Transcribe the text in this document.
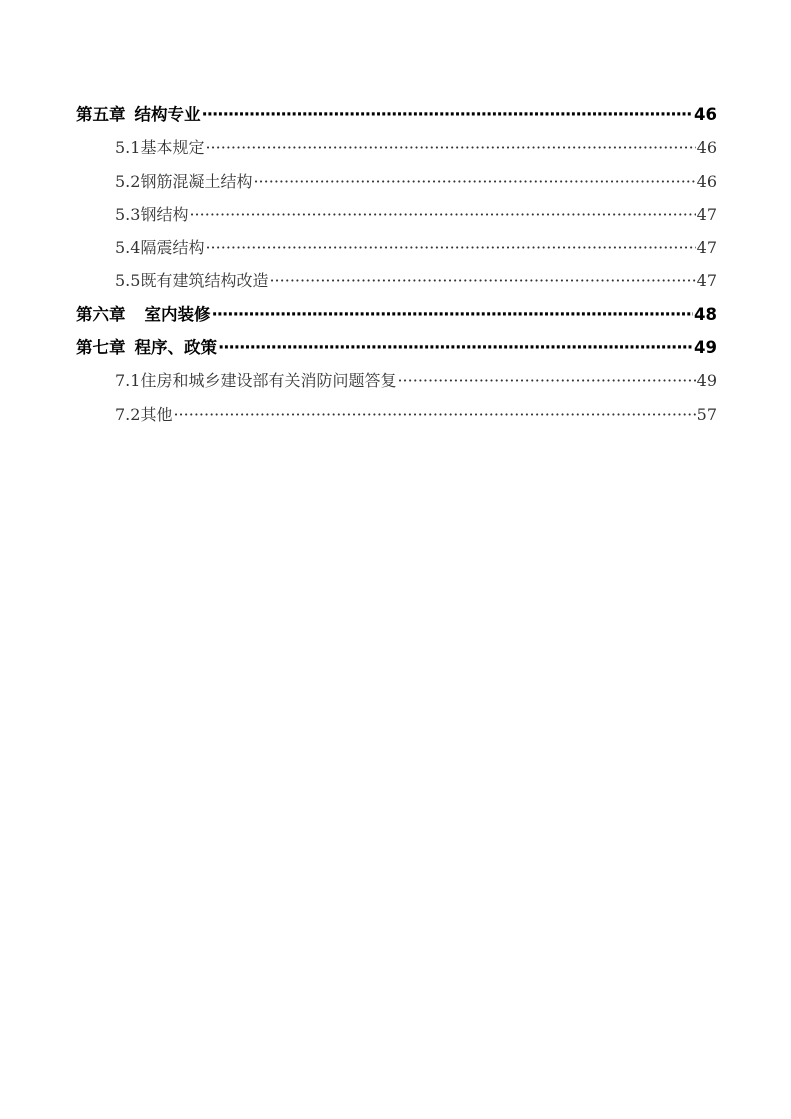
第五章 结构专业 ·····	46
5.1 基本规定 ·····	46
5.2 钢筋混凝土结构 ·····	46
5.3 钢结构 ·····	47
5.4 隔震结构 ·····	47
5.5 既有建筑结构改造 ·····	47
第六章 室内装修 ·····	48
第七章 程序、政策 ·····	49
7.1 住房和城乡建设部有关消防问题答复 ·····	49
7.2 其他 ·····	57
